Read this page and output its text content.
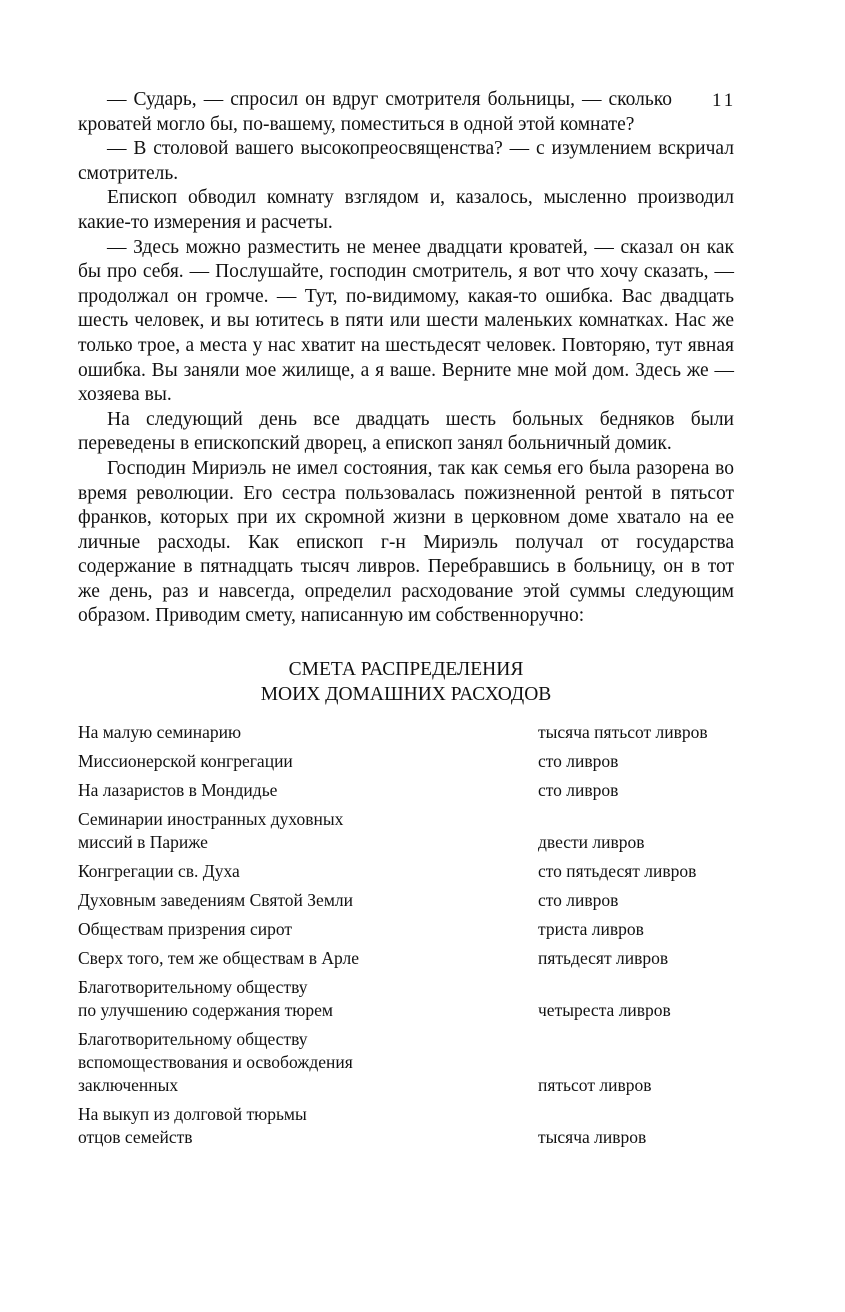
11

— Сударь, — спросил он вдруг смотрителя больницы, — сколько кроватей могло бы, по-вашему, поместиться в одной этой комнате?

— В столовой вашего высокопреосвященства? — с изумлением вскричал смотритель.

Епископ обводил комнату взглядом и, казалось, мысленно производил какие-то измерения и расчеты.

— Здесь можно разместить не менее двадцати кроватей, — сказал он как бы про себя. — Послушайте, господин смотритель, я вот что хочу сказать, — продолжал он громче. — Тут, по-видимому, какая-то ошибка. Вас двадцать шесть человек, и вы ютитесь в пяти или шести маленьких комнатках. Нас же только трое, а места у нас хватит на шестьдесят человек. Повторяю, тут явная ошибка. Вы заняли мое жилище, а я ваше. Верните мне мой дом. Здесь же — хозяева вы.

На следующий день все двадцать шесть больных бедняков были переведены в епископский дворец, а епископ занял больничный домик.

Господин Мириэль не имел состояния, так как семья его была разорена во время революции. Его сестра пользовалась пожизненной рентой в пятьсот франков, которых при их скромной жизни в церковном доме хватало на ее личные расходы. Как епископ г-н Мириэль получал от государства содержание в пятнадцать тысяч ливров. Перебравшись в больницу, он в тот же день, раз и навсегда, определил расходование этой суммы следующим образом. Приводим смету, написанную им собственноручно:

СМЕТА РАСПРЕДЕЛЕНИЯ
МОИХ ДОМАШНИХ РАСХОДОВ
На малую семинарию	тысяча пятьсот ливров
Миссионерской конгрегации	сто ливров
На лазаристов в Мондидье	сто ливров
Семинарии иностранных духовных
миссий в Париже	двести ливров
Конгрегации св. Духа	сто пятьдесят ливров
Духовным заведениям Святой Земли	сто ливров
Обществам призрения сирот	триста ливров
Сверх того, тем же обществам в Арле	пятьдесят ливров
Благотворительному обществу
по улучшению содержания тюрем	четыреста ливров
Благотворительному обществу
вспомоществования и освобождения
заключенных	пятьсот ливров
На выкуп из долговой тюрьмы
отцов семейств	тысяча ливров
